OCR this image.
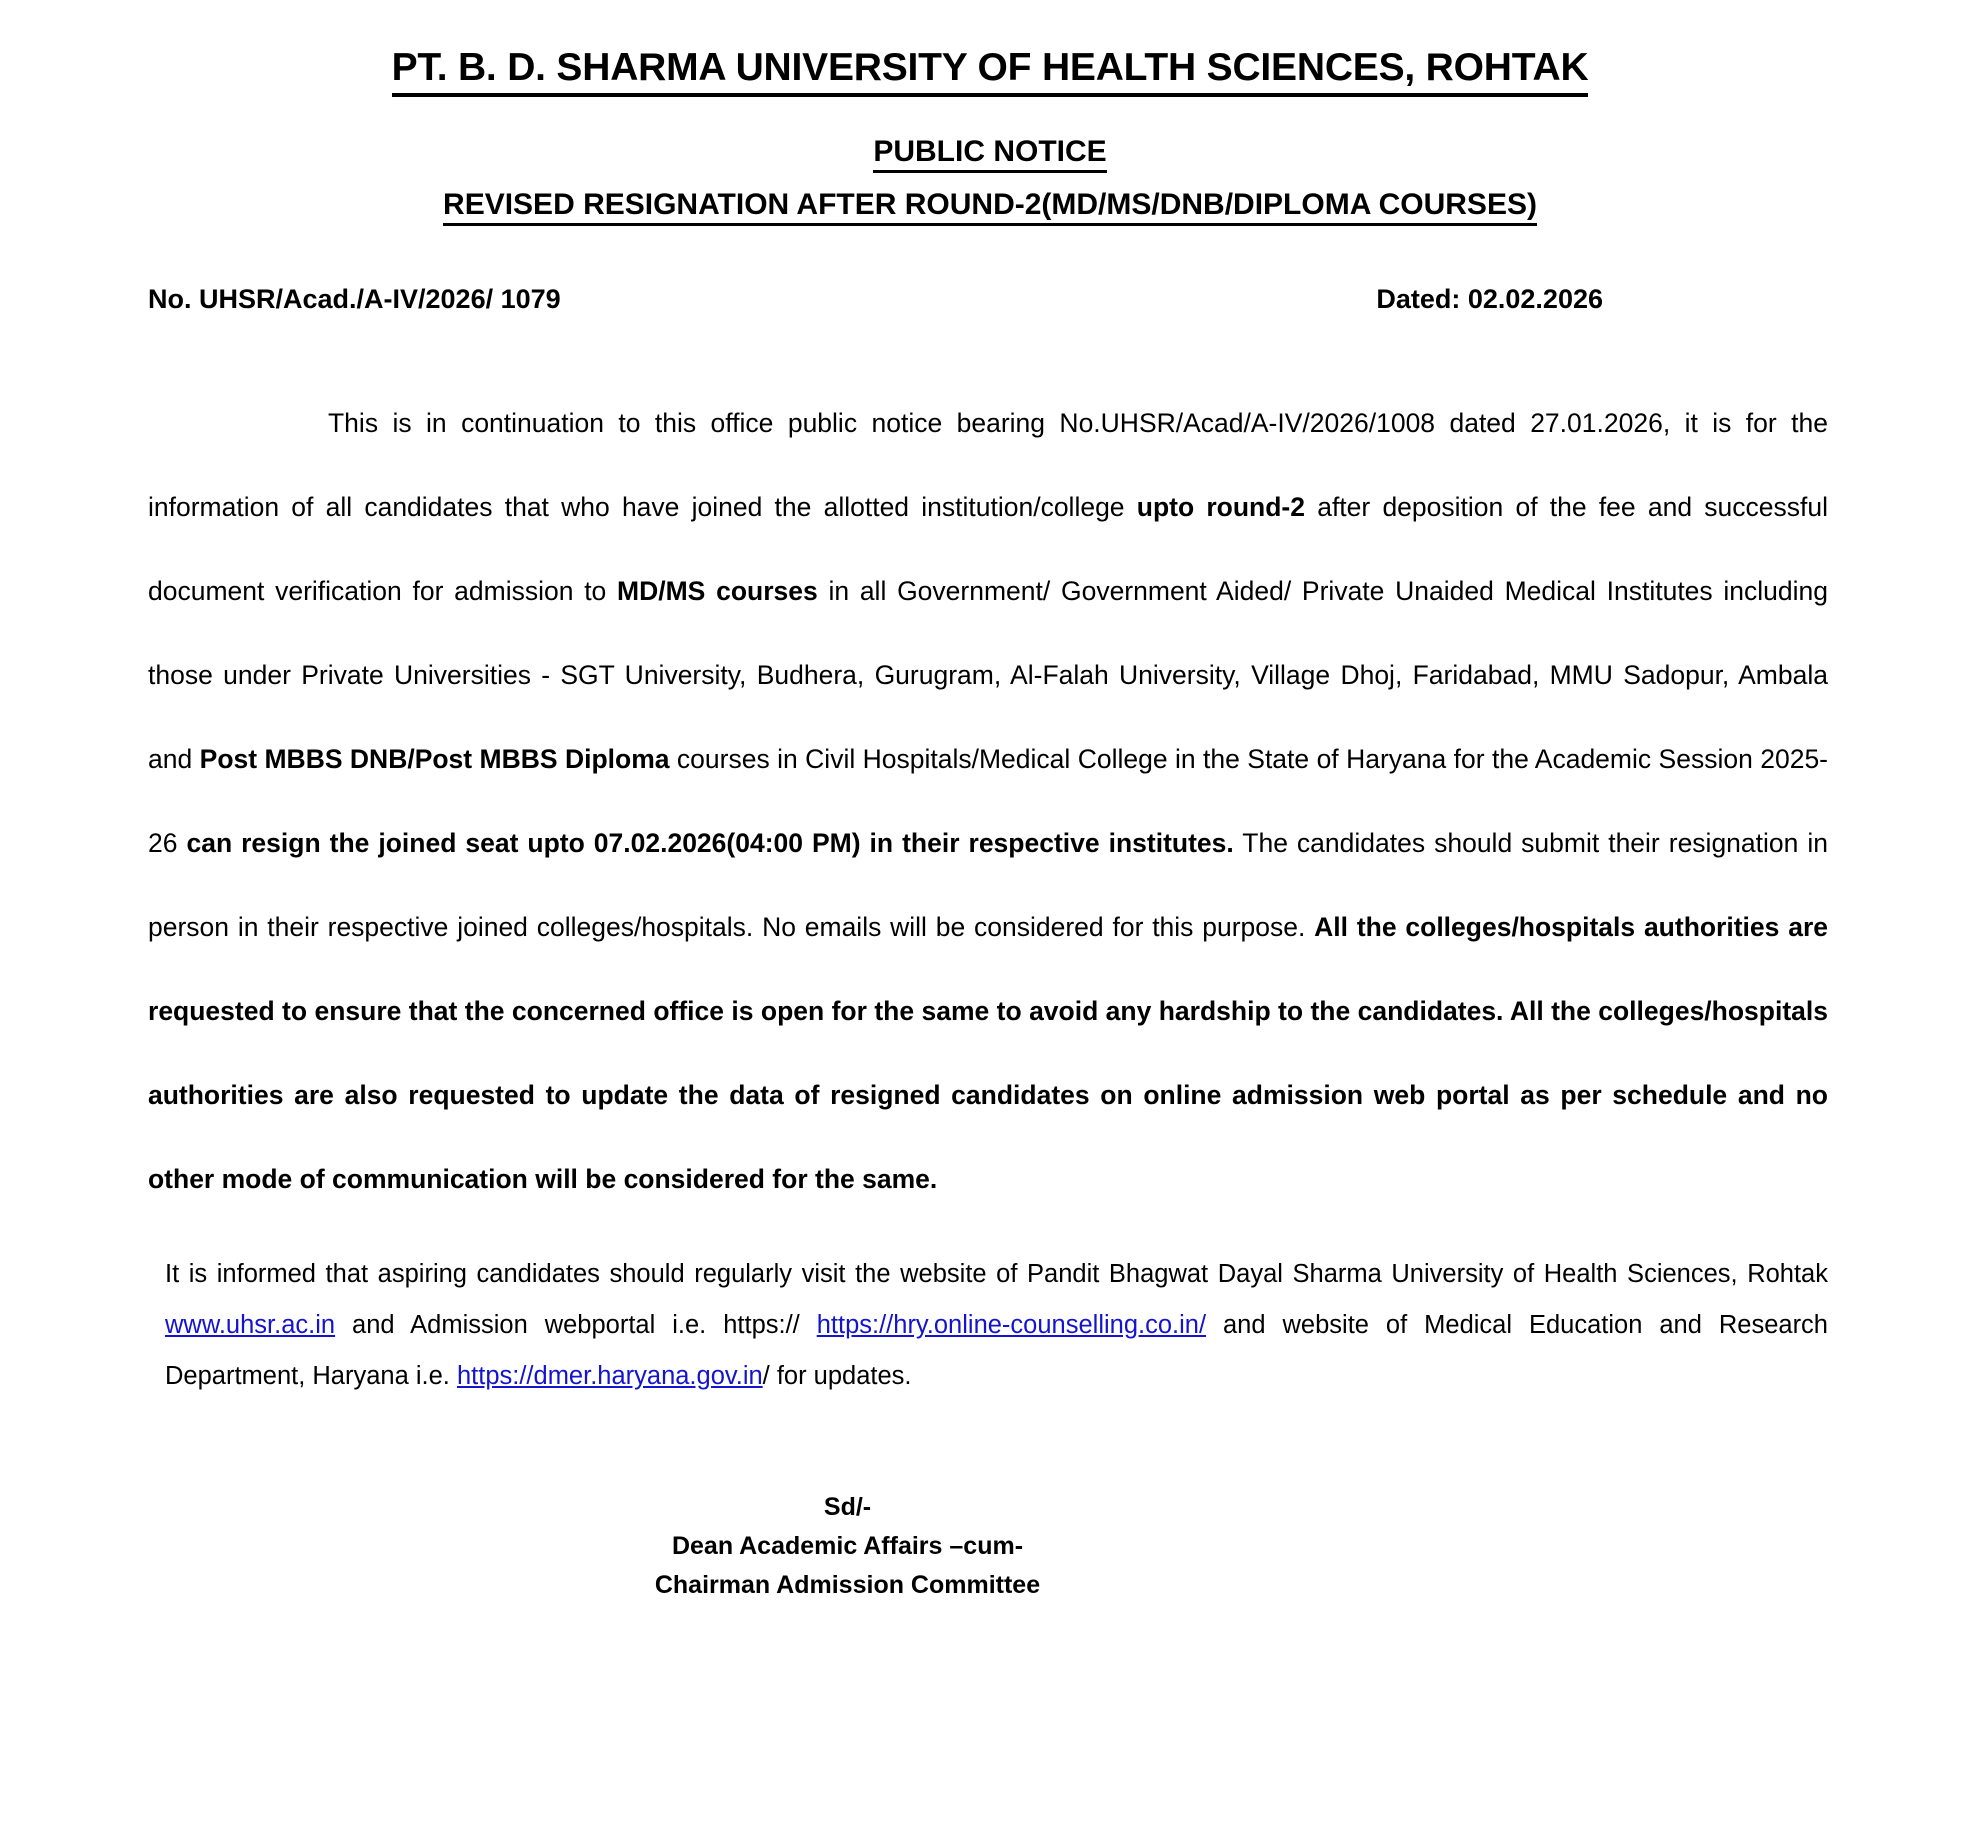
PT. B. D. SHARMA UNIVERSITY OF HEALTH SCIENCES, ROHTAK
PUBLIC NOTICE
REVISED RESIGNATION AFTER ROUND-2(MD/MS/DNB/DIPLOMA COURSES)
No. UHSR/Acad./A-IV/2026/ 1079	Dated: 02.02.2026

This is in continuation to this office public notice bearing No.UHSR/Acad/A-IV/2026/1008 dated 27.01.2026, it is for the information of all candidates that who have joined the allotted institution/college upto round-2 after deposition of the fee and successful document verification for admission to MD/MS courses in all Government/ Government Aided/ Private Unaided Medical Institutes including those under Private Universities - SGT University, Budhera, Gurugram, Al-Falah University, Village Dhoj, Faridabad, MMU Sadopur, Ambala and Post MBBS DNB/Post MBBS Diploma courses in Civil Hospitals/Medical College in the State of Haryana for the Academic Session 2025-26 can resign the joined seat upto 07.02.2026(04:00 PM) in their respective institutes. The candidates should submit their resignation in person in their respective joined colleges/hospitals. No emails will be considered for this purpose. All the colleges/hospitals authorities are requested to ensure that the concerned office is open for the same to avoid any hardship to the candidates. All the colleges/hospitals authorities are also requested to update the data of resigned candidates on online admission web portal as per schedule and no other mode of communication will be considered for the same.

It is informed that aspiring candidates should regularly visit the website of Pandit Bhagwat Dayal Sharma University of Health Sciences, Rohtak www.uhsr.ac.in and Admission webportal i.e. https:// https://hry.online-counselling.co.in/ and website of Medical Education and Research Department, Haryana i.e. https://dmer.haryana.gov.in/ for updates.

Sd/-
Dean Academic Affairs –cum-
Chairman Admission Committee
